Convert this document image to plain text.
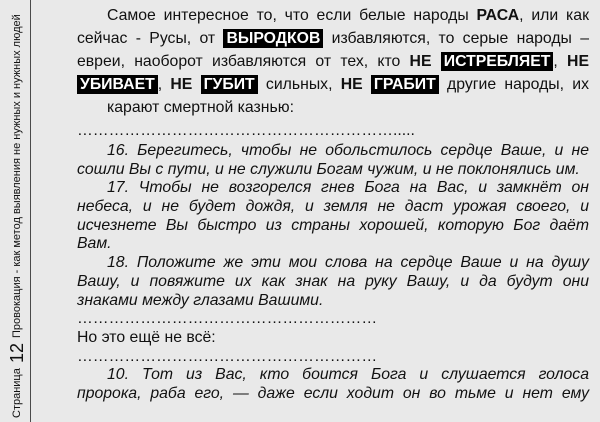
Страница12Провокация - как метод выявления не нужных и нужных людей	Самое интересное то, что если белые народы РАСА, или как
сейчас - Русы, от ВЫРОДКОВ избавляются, то серые народы –
евреи, наоборот избавляются от тех, кто НЕ ИСТРЕБЛЯЕТ , НЕ
УБИВАЕТ , НЕ ГУБИТ сильных, НЕ ГРАБИТ другие народы, их
карают смертной казнью:
…………………………………………………….....
16. Берегитесь, чтобы не обольстилось сердце Ваше, и не
сошли Вы с пути, и не служили Богам чужим, и не поклонялись им.
17. Чтобы не возгорелся гнев Бога на Вас, и замкнёт он
небеса, и не будет дождя, и земля не даст урожая своего, и
исчезнете Вы быстро из страны хорошей, которую Бог даёт
Вам.
18. Положите же эти мои слова на сердце Ваше и на душу
Вашу, и повяжите их как знак на руку Вашу, и да будут они
знаками между глазами Вашими.
…………………………………………………
Но это ещё не всё:
…………………………………………………
10. Тот из Вас, кто боится Бога и слушается голоса
пророка, раба его, — даже если ходит он во тьме и нет ему
